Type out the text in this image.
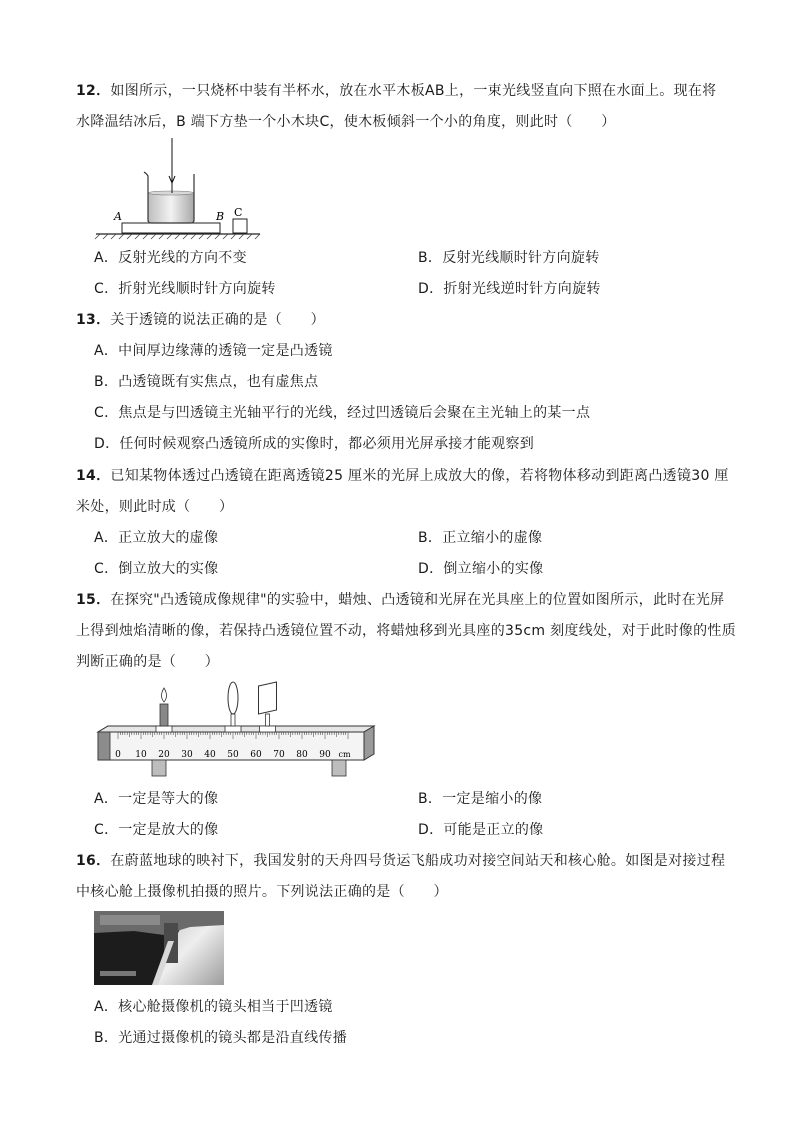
12．如图所示，一只烧杯中装有半杯水，放在水平木板AB上，一束光线竖直向下照在水面上。现在将
水降温结冰后，B 端下方垫一个小木块C，使木板倾斜一个小的角度，则此时（　　）
A	B C
A．反射光线的方向不变	B．反射光线顺时针方向旋转
C．折射光线顺时针方向旋转	D．折射光线逆时针方向旋转
13．关于透镜的说法正确的是（　　）
A．中间厚边缘薄的透镜一定是凸透镜
B．凸透镜既有实焦点，也有虚焦点
C．焦点是与凹透镜主光轴平行的光线，经过凹透镜后会聚在主光轴上的某一点
D．任何时候观察凸透镜所成的实像时，都必须用光屏承接才能观察到
14．已知某物体透过凸透镜在距离透镜25 厘米的光屏上成放大的像，若将物体移动到距离凸透镜30 厘
米处，则此时成（　　）
A．正立放大的虚像	B．正立缩小的虚像
C．倒立放大的实像	D．倒立缩小的实像
15．在探究"凸透镜成像规律"的实验中，蜡烛、凸透镜和光屏在光具座上的位置如图所示，此时在光屏
上得到烛焰清晰的像，若保持凸透镜位置不动，将蜡烛移到光具座的35cm 刻度线处，对于此时像的性质
判断正确的是（　　）
0 10 20 30 40 50 60 70 80 90 cm
A．一定是等大的像	B．一定是缩小的像
C．一定是放大的像	D．可能是正立的像
16．在蔚蓝地球的映衬下，我国发射的天舟四号货运飞船成功对接空间站天和核心舱。如图是对接过程
中核心舱上摄像机拍摄的照片。下列说法正确的是（　　）
A．核心舱摄像机的镜头相当于凹透镜
B．光通过摄像机的镜头都是沿直线传播
